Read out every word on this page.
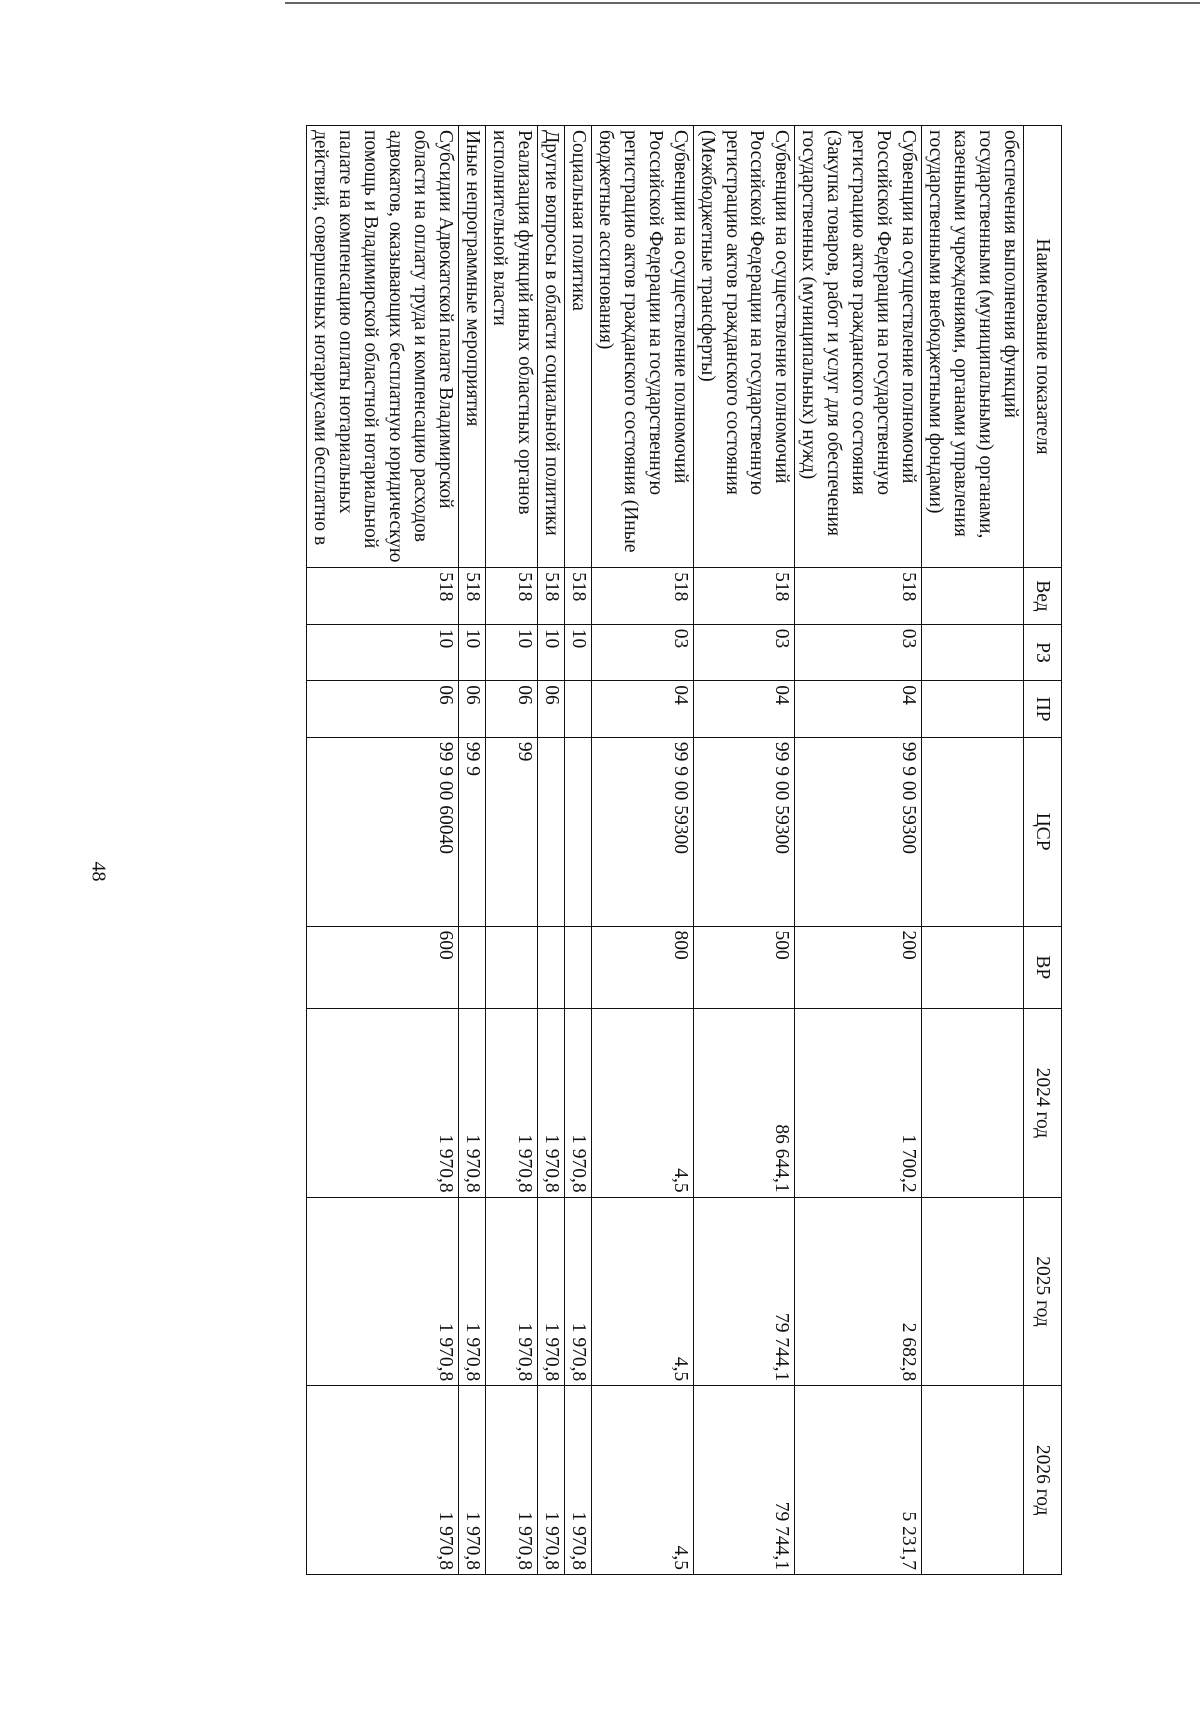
48
Наименование показателя	Вед	РЗ	ПР	ЦСР	ВР	2024 год	2025 год	2026 год
обеспечения выполнения функций государственными (муниципальными) органами, казенными учреждениями, органами управления государственными внебюджетными фондами)								
Субвенции на осуществление полномочий Российской Федерации на государственную регистрацию актов гражданского состояния (Закупка товаров, работ и услуг для обеспечения государственных (муниципальных) нужд)	518	03	04	99 9 00 59300	200	1 700,2	2 682,8	5 231,7
Субвенции на осуществление полномочий Российской Федерации на государственную регистрацию актов гражданского состояния (Межбюджетные трансферты)	518	03	04	99 9 00 59300	500	86 644,1	79 744,1	79 744,1
Субвенции на осуществление полномочий Российской Федерации на государственную регистрацию актов гражданского состояния (Иные бюджетные ассигнования)	518	03	04	99 9 00 59300	800	4,5	4,5	4,5
Социальная политика	518	10				1 970,8	1 970,8	1 970,8
Другие вопросы в области социальной политики	518	10	06			1 970,8	1 970,8	1 970,8
Реализация функций иных областных органов исполнительной власти	518	10	06	99		1 970,8	1 970,8	1 970,8
Иные непрограммные мероприятия	518	10	06	99 9		1 970,8	1 970,8	1 970,8
Субсидии Адвокатской палате Владимирской области на оплату труда и компенсацию расходов адвокатов, оказывающих бесплатную юридическую помощь и Владимирской областной нотариальной палате на компенсацию оплаты нотариальных действий, совершенных нотариусами бесплатно в	518	10	06	99 9 00 60040	600	1 970,8	1 970,8	1 970,8
